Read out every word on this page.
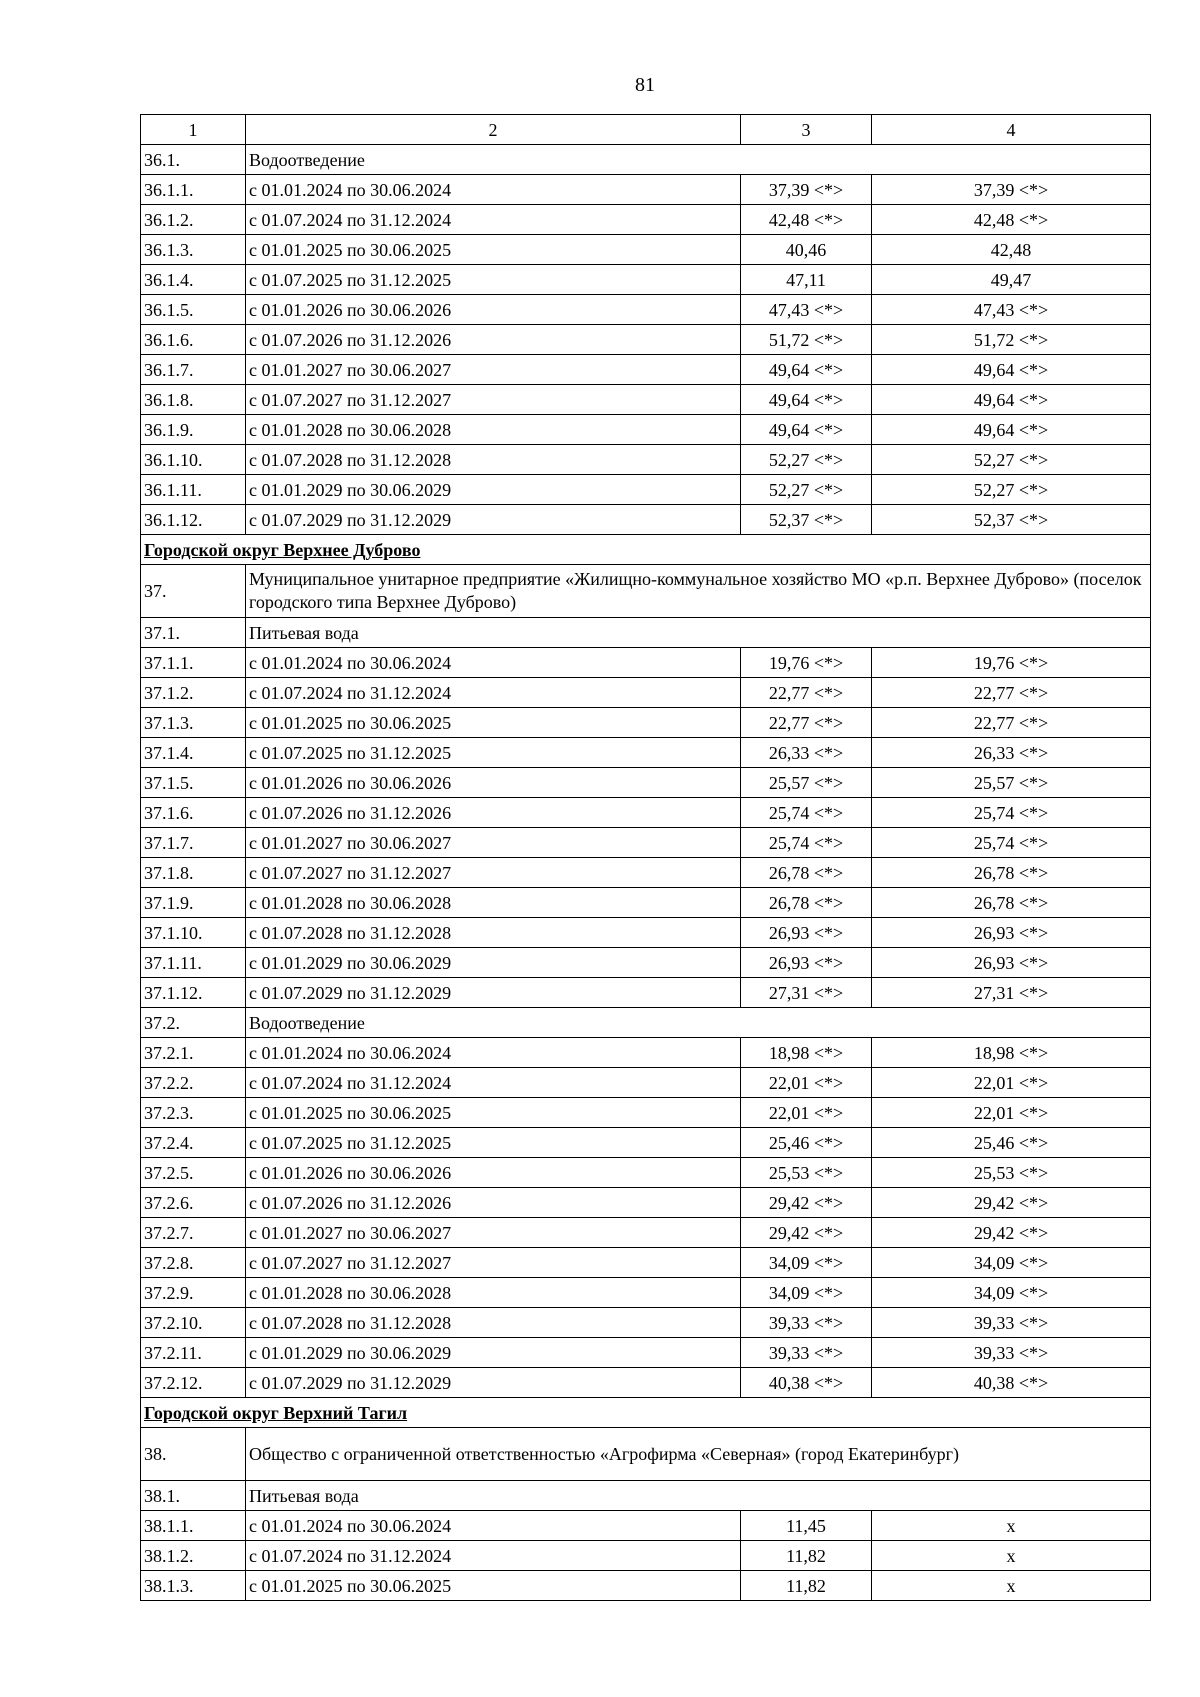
81
1	2	3	4
36.1.	Водоотведение		
36.1.1.	с 01.01.2024 по 30.06.2024	37,39 <*>	37,39 <*>
36.1.2.	с 01.07.2024 по 31.12.2024	42,48 <*>	42,48 <*>
36.1.3.	с 01.01.2025 по 30.06.2025	40,46	42,48
36.1.4.	с 01.07.2025 по 31.12.2025	47,11	49,47
36.1.5.	с 01.01.2026 по 30.06.2026	47,43 <*>	47,43 <*>
36.1.6.	с 01.07.2026 по 31.12.2026	51,72 <*>	51,72 <*>
36.1.7.	с 01.01.2027 по 30.06.2027	49,64 <*>	49,64 <*>
36.1.8.	с 01.07.2027 по 31.12.2027	49,64 <*>	49,64 <*>
36.1.9.	с 01.01.2028 по 30.06.2028	49,64 <*>	49,64 <*>
36.1.10.	с 01.07.2028 по 31.12.2028	52,27 <*>	52,27 <*>
36.1.11.	с 01.01.2029 по 30.06.2029	52,27 <*>	52,27 <*>
36.1.12.	с 01.07.2029 по 31.12.2029	52,37 <*>	52,37 <*>
Городской округ Верхнее Дуброво			
37.	Муниципальное унитарное предприятие «Жилищно-коммунальное хозяйство МО «р.п. Верхнее Дуброво» (поселок городского типа Верхнее Дуброво)		
37.1.	Питьевая вода		
37.1.1.	с 01.01.2024 по 30.06.2024	19,76 <*>	19,76 <*>
37.1.2.	с 01.07.2024 по 31.12.2024	22,77 <*>	22,77 <*>
37.1.3.	с 01.01.2025 по 30.06.2025	22,77 <*>	22,77 <*>
37.1.4.	с 01.07.2025 по 31.12.2025	26,33 <*>	26,33 <*>
37.1.5.	с 01.01.2026 по 30.06.2026	25,57 <*>	25,57 <*>
37.1.6.	с 01.07.2026 по 31.12.2026	25,74 <*>	25,74 <*>
37.1.7.	с 01.01.2027 по 30.06.2027	25,74 <*>	25,74 <*>
37.1.8.	с 01.07.2027 по 31.12.2027	26,78 <*>	26,78 <*>
37.1.9.	с 01.01.2028 по 30.06.2028	26,78 <*>	26,78 <*>
37.1.10.	с 01.07.2028 по 31.12.2028	26,93 <*>	26,93 <*>
37.1.11.	с 01.01.2029 по 30.06.2029	26,93 <*>	26,93 <*>
37.1.12.	с 01.07.2029 по 31.12.2029	27,31 <*>	27,31 <*>
37.2.	Водоотведение		
37.2.1.	с 01.01.2024 по 30.06.2024	18,98 <*>	18,98 <*>
37.2.2.	с 01.07.2024 по 31.12.2024	22,01 <*>	22,01 <*>
37.2.3.	с 01.01.2025 по 30.06.2025	22,01 <*>	22,01 <*>
37.2.4.	с 01.07.2025 по 31.12.2025	25,46 <*>	25,46 <*>
37.2.5.	с 01.01.2026 по 30.06.2026	25,53 <*>	25,53 <*>
37.2.6.	с 01.07.2026 по 31.12.2026	29,42 <*>	29,42 <*>
37.2.7.	с 01.01.2027 по 30.06.2027	29,42 <*>	29,42 <*>
37.2.8.	с 01.07.2027 по 31.12.2027	34,09 <*>	34,09 <*>
37.2.9.	с 01.01.2028 по 30.06.2028	34,09 <*>	34,09 <*>
37.2.10.	с 01.07.2028 по 31.12.2028	39,33 <*>	39,33 <*>
37.2.11.	с 01.01.2029 по 30.06.2029	39,33 <*>	39,33 <*>
37.2.12.	с 01.07.2029 по 31.12.2029	40,38 <*>	40,38 <*>
Городской округ Верхний Тагил			
38.	Общество с ограниченной ответственностью «Агрофирма «Северная» (город Екатеринбург)		
38.1.	Питьевая вода		
38.1.1.	с 01.01.2024 по 30.06.2024	11,45	х
38.1.2.	с 01.07.2024 по 31.12.2024	11,82	х
38.1.3.	с 01.01.2025 по 30.06.2025	11,82	х
